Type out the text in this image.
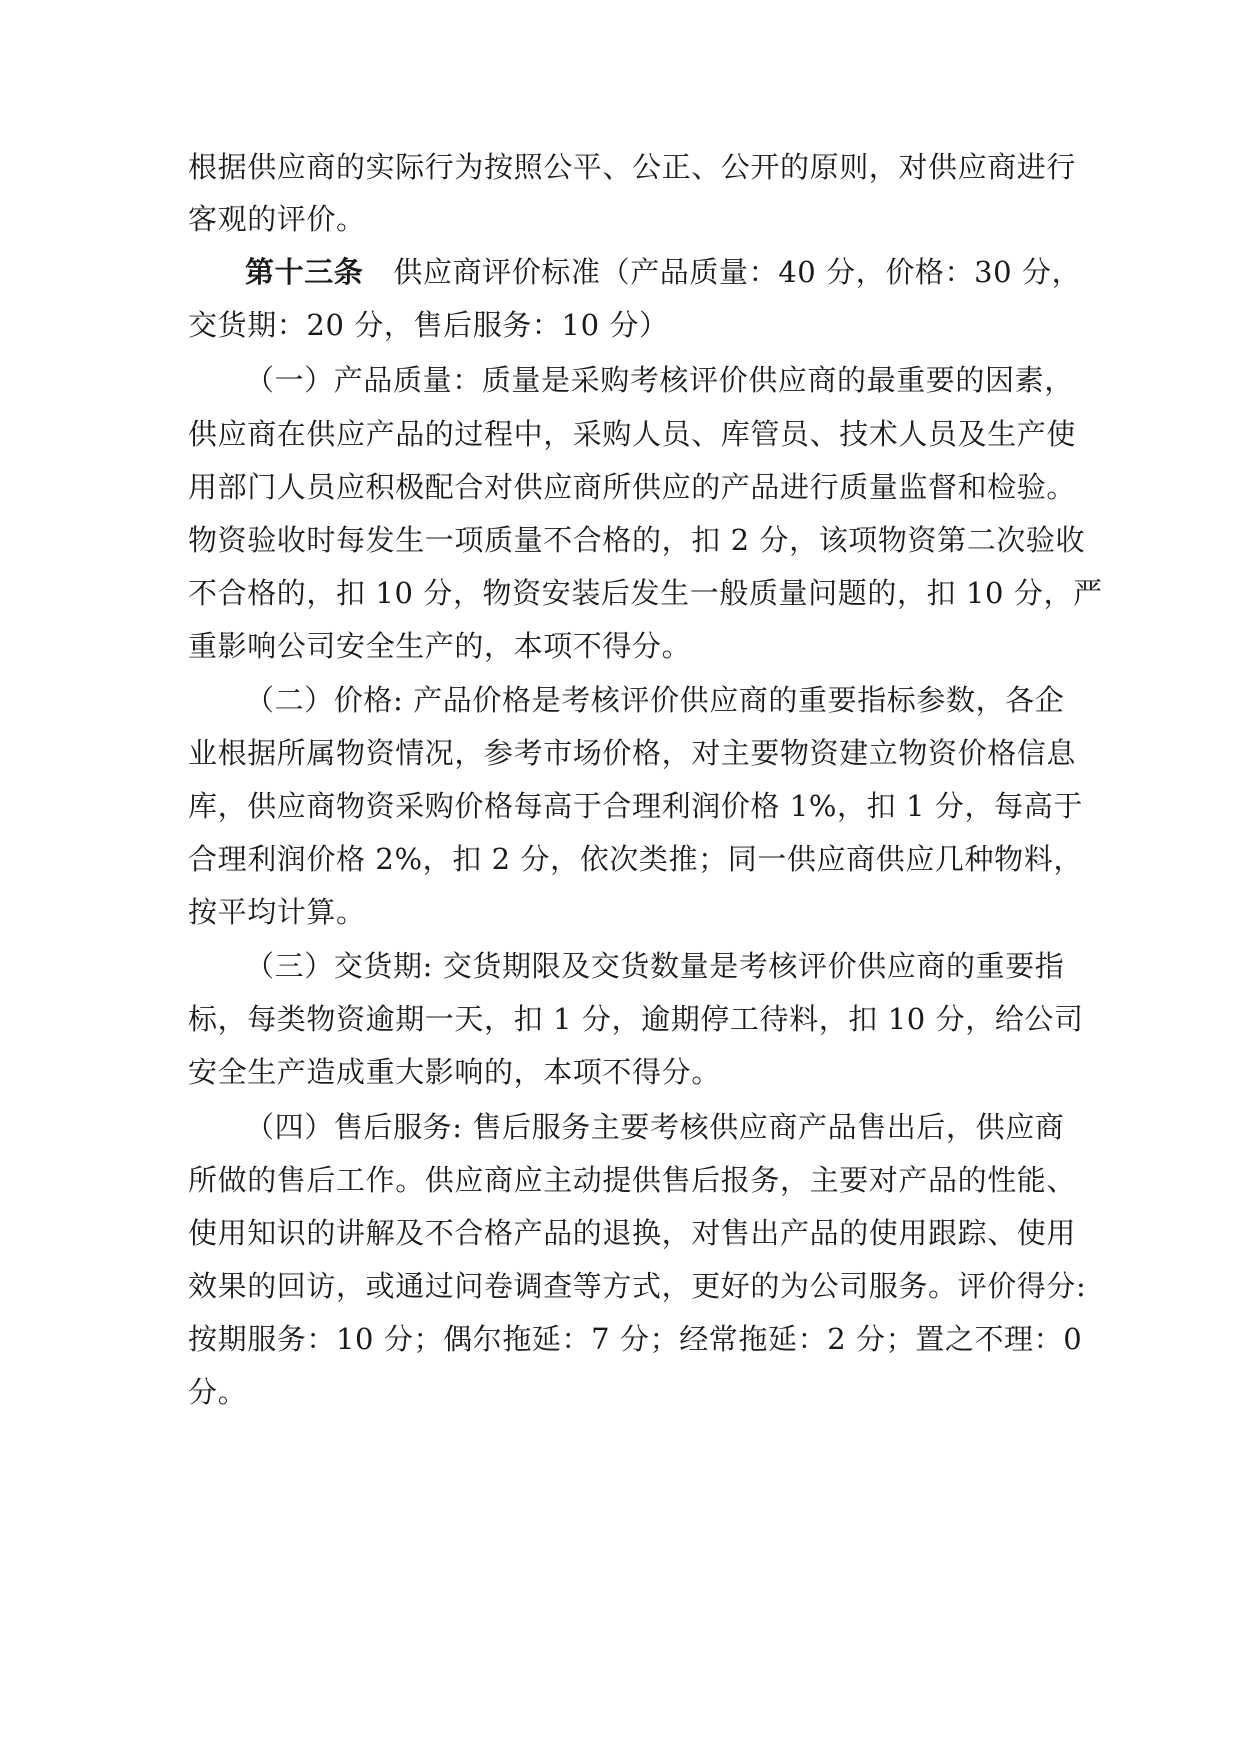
根据供应商的实际行为按照公平、公正、公开的原则，对供应商进行
客观的评价。
第十三条 供应商评价标准（产品质量：40 分，价格：30 分，
交货期：20 分，售后服务：10 分）
（一）产品质量：质量是采购考核评价供应商的最重要的因素，
供应商在供应产品的过程中，采购人员、库管员、技术人员及生产使
用部门人员应积极配合对供应商所供应的产品进行质量监督和检验。
物资验收时每发生一项质量不合格的，扣 2 分，该项物资第二次验收
不合格的，扣 10 分，物资安装后发生一般质量问题的，扣 10 分，严
重影响公司安全生产的，本项不得分。
（二）价格: 产品价格是考核评价供应商的重要指标参数，各企
业根据所属物资情况，参考市场价格，对主要物资建立物资价格信息
库，供应商物资采购价格每高于合理利润价格 1%，扣 1 分，每高于
合理利润价格 2%，扣 2 分，依次类推；同一供应商供应几种物料，
按平均计算。
（三）交货期: 交货期限及交货数量是考核评价供应商的重要指
标，每类物资逾期一天，扣 1 分，逾期停工待料，扣 10 分，给公司
安全生产造成重大影响的，本项不得分。
（四）售后服务: 售后服务主要考核供应商产品售出后，供应商
所做的售后工作。供应商应主动提供售后报务，主要对产品的性能、
使用知识的讲解及不合格产品的退换，对售出产品的使用跟踪、使用
效果的回访，或通过问卷调查等方式，更好的为公司服务。评价得分:
按期服务：10 分；偶尔拖延：7 分；经常拖延：2 分；置之不理：0
分。
